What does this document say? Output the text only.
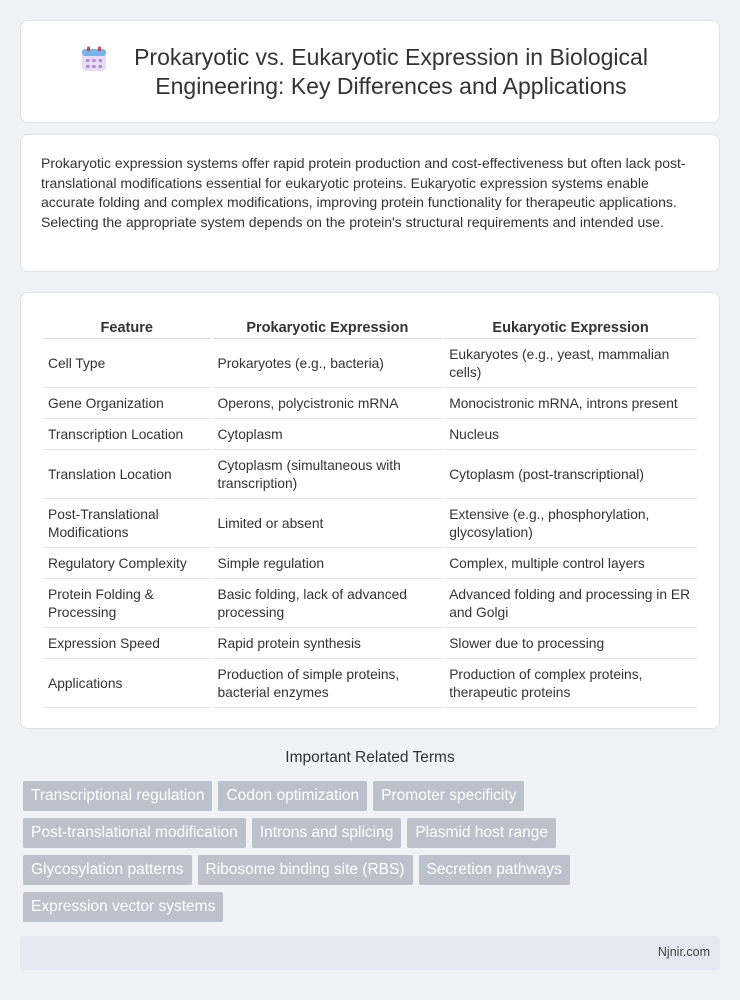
Prokaryotic vs. Eukaryotic Expression in Biological Engineering: Key Differences and Applications

Prokaryotic expression systems offer rapid protein production and cost-effectiveness but often lack post-translational modifications essential for eukaryotic proteins. Eukaryotic expression systems enable accurate folding and complex modifications, improving protein functionality for therapeutic applications. Selecting the appropriate system depends on the protein's structural requirements and intended use.

Feature	Prokaryotic Expression	Eukaryotic Expression
Cell Type	Prokaryotes (e.g., bacteria)	Eukaryotes (e.g., yeast, mammalian cells)
Gene Organization	Operons, polycistronic mRNA	Monocistronic mRNA, introns present
Transcription Location	Cytoplasm	Nucleus
Translation Location	Cytoplasm (simultaneous with transcription)	Cytoplasm (post-transcriptional)
Post-Translational Modifications	Limited or absent	Extensive (e.g., phosphorylation, glycosylation)
Regulatory Complexity	Simple regulation	Complex, multiple control layers
Protein Folding & Processing	Basic folding, lack of advanced processing	Advanced folding and processing in ER and Golgi
Expression Speed	Rapid protein synthesis	Slower due to processing
Applications	Production of simple proteins, bacterial enzymes	Production of complex proteins, therapeutic proteins
Important Related Terms
Transcriptional regulation	Codon optimization	Promoter specificity
Post-translational modification	Introns and splicing	Plasmid host range
Glycosylation patterns	Ribosome binding site (RBS)	Secretion pathways
Expression vector systems
Njnir.com
